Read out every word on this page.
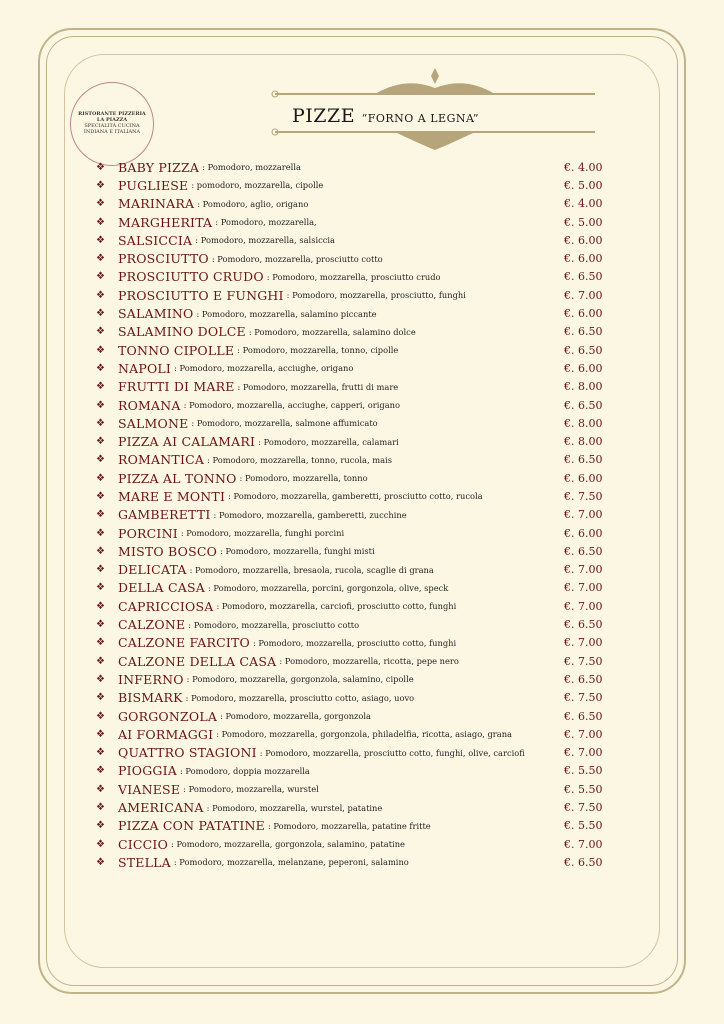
RISTORANTE PIZZERIA
LA PIAZZA
SPECIALITÀ CUCINA
INDIANA E ITALIANA
PIZZE “FORNO A LEGNA”
❖	BABY PIZZA : Pomodoro, mozzarella	€. 4.00
❖	PUGLIESE : pomodoro, mozzarella, cipolle	€. 5.00
❖	MARINARA : Pomodoro, aglio, origano	€. 4.00
❖	MARGHERITA : Pomodoro, mozzarella,	€. 5.00
❖	SALSICCIA : Pomodoro, mozzarella, salsiccia	€. 6.00
❖	PROSCIUTTO : Pomodoro, mozzarella, prosciutto cotto	€. 6.00
❖	PROSCIUTTO CRUDO : Pomodoro, mozzarella, prosciutto crudo	€. 6.50
❖	PROSCIUTTO E FUNGHI : Pomodoro, mozzarella, prosciutto, funghi	€. 7.00
❖	SALAMINO : Pomodoro, mozzarella, salamino piccante	€. 6.00
❖	SALAMINO DOLCE : Pomodoro, mozzarella, salamino dolce	€. 6.50
❖	TONNO CIPOLLE : Pomodoro, mozzarella, tonno, cipolle	€. 6.50
❖	NAPOLI : Pomodoro, mozzarella, acciughe, origano	€. 6.00
❖	FRUTTI DI MARE : Pomodoro, mozzarella, frutti di mare	€. 8.00
❖	ROMANA : Pomodoro, mozzarella, acciughe, capperi, origano	€. 6.50
❖	SALMONE : Pomodoro, mozzarella, salmone affumicato	€. 8.00
❖	PIZZA AI CALAMARI : Pomodoro, mozzarella, calamari	€. 8.00
❖	ROMANTICA : Pomodoro, mozzarella, tonno, rucola, mais	€. 6.50
❖	PIZZA AL TONNO : Pomodoro, mozzarella, tonno	€. 6.00
❖	MARE E MONTI : Pomodoro, mozzarella, gamberetti, prosciutto cotto, rucola	€. 7.50
❖	GAMBERETTI : Pomodoro, mozzarella, gamberetti, zucchine	€. 7.00
❖	PORCINI : Pomodoro, mozzarella, funghi porcini	€. 6.00
❖	MISTO BOSCO : Pomodoro, mozzarella, funghi misti	€. 6.50
❖	DELICATA : Pomodoro, mozzarella, bresaola, rucola, scaglie di grana	€. 7.00
❖	DELLA CASA : Pomodoro, mozzarella, porcini, gorgonzola, olive, speck	€. 7.00
❖	CAPRICCIOSA : Pomodoro, mozzarella, carciofi, prosciutto cotto, funghi	€. 7.00
❖	CALZONE : Pomodoro, mozzarella, prosciutto cotto	€. 6.50
❖	CALZONE FARCITO : Pomodoro, mozzarella, prosciutto cotto, funghi	€. 7.00
❖	CALZONE DELLA CASA : Pomodoro, mozzarella, ricotta, pepe nero	€. 7.50
❖	INFERNO : Pomodoro, mozzarella, gorgonzola, salamino, cipolle	€. 6.50
❖	BISMARK : Pomodoro, mozzarella, prosciutto cotto, asiago, uovo	€. 7.50
❖	GORGONZOLA : Pomodoro, mozzarella, gorgonzola	€. 6.50
❖	AI FORMAGGI : Pomodoro, mozzarella, gorgonzola, philadelfia, ricotta, asiago, grana	€. 7.00
❖	QUATTRO STAGIONI : Pomodoro, mozzarella, prosciutto cotto, funghi, olive, carciofi	€. 7.00
❖	PIOGGIA : Pomodoro, doppia mozzarella	€. 5.50
❖	VIANESE : Pomodoro, mozzarella, wurstel	€. 5.50
❖	AMERICANA : Pomodoro, mozzarella, wurstel, patatine	€. 7.50
❖	PIZZA CON PATATINE : Pomodoro, mozzarella, patatine fritte	€. 5.50
❖	CICCIO : Pomodoro, mozzarella, gorgonzola, salamino, patatine	€. 7.00
❖	STELLA : Pomodoro, mozzarella, melanzane, peperoni, salamino	€. 6.50
